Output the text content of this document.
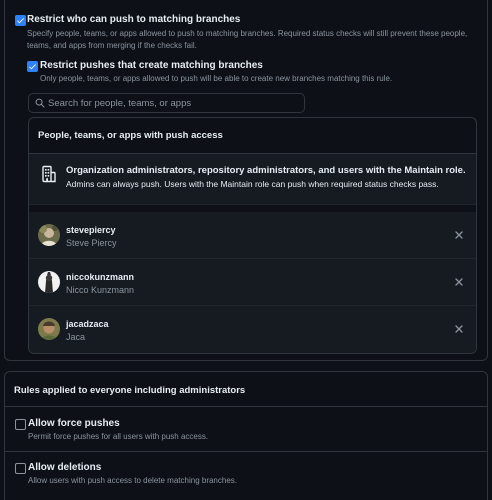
Restrict who can push to matching branches
Specify people, teams, or apps allowed to push to matching branches. Required status checks will still prevent these people, teams, and apps from merging if the checks fail.
Restrict pushes that create matching branches
Only people, teams, or apps allowed to push will be able to create new branches matching this rule.
Search for people, teams, or apps
People, teams, or apps with push access
Organization administrators, repository administrators, and users with the Maintain role.
Admins can always push. Users with the Maintain role can push when required status checks pass.
stevepiercy
Steve Piercy
niccokunzmann
Nicco Kunzmann
jacadzaca
Jaca
Rules applied to everyone including administrators
Allow force pushes
Permit force pushes for all users with push access.
Allow deletions
Allow users with push access to delete matching branches.
